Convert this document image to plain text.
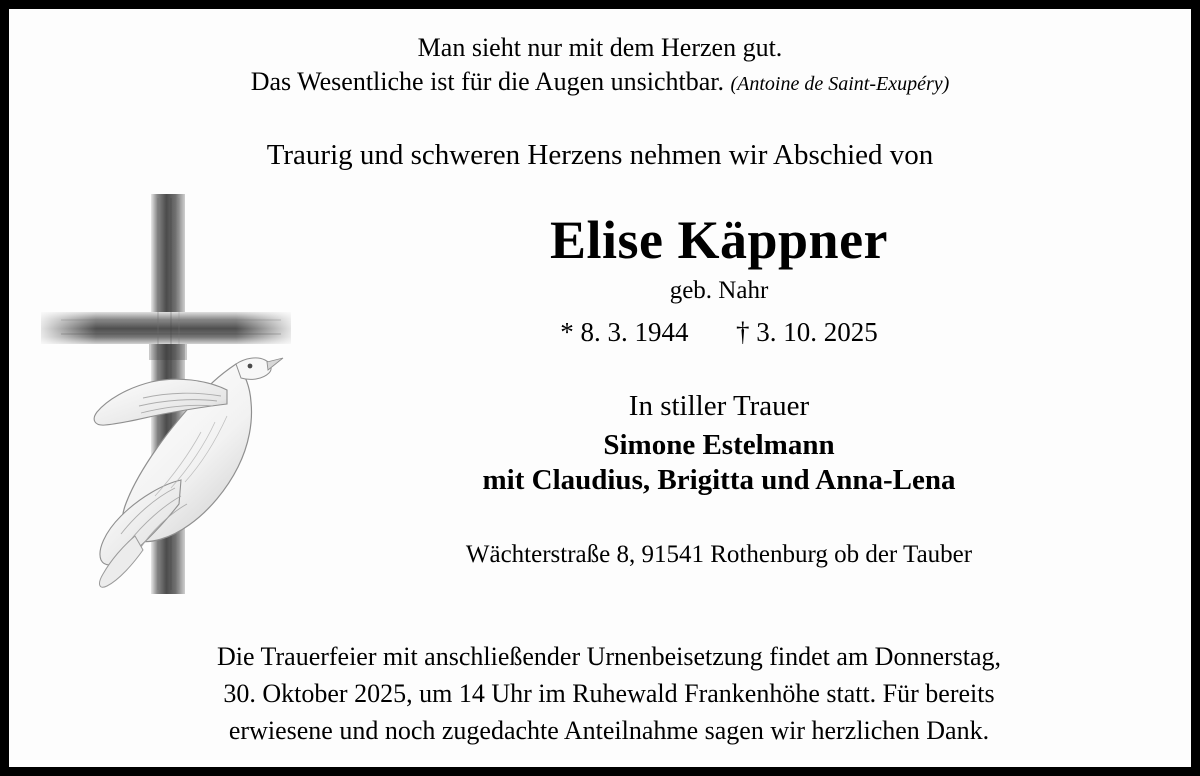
Man sieht nur mit dem Herzen gut.
Das Wesentliche ist für die Augen unsichtbar. (Antoine de Saint-Exupéry)
Traurig und schweren Herzens nehmen wir Abschied von
Elise Käppner
geb. Nahr
* 8. 3. 1944 † 3. 10. 2025
In stiller Trauer
Simone Estelmann
mit Claudius, Brigitta und Anna-Lena
Wächterstraße 8, 91541 Rothenburg ob der Tauber
Die Trauerfeier mit anschließender Urnenbeisetzung findet am Donnerstag,
30. Oktober 2025, um 14 Uhr im Ruhewald Frankenhöhe statt. Für bereits
erwiesene und noch zugedachte Anteilnahme sagen wir herzlichen Dank.
